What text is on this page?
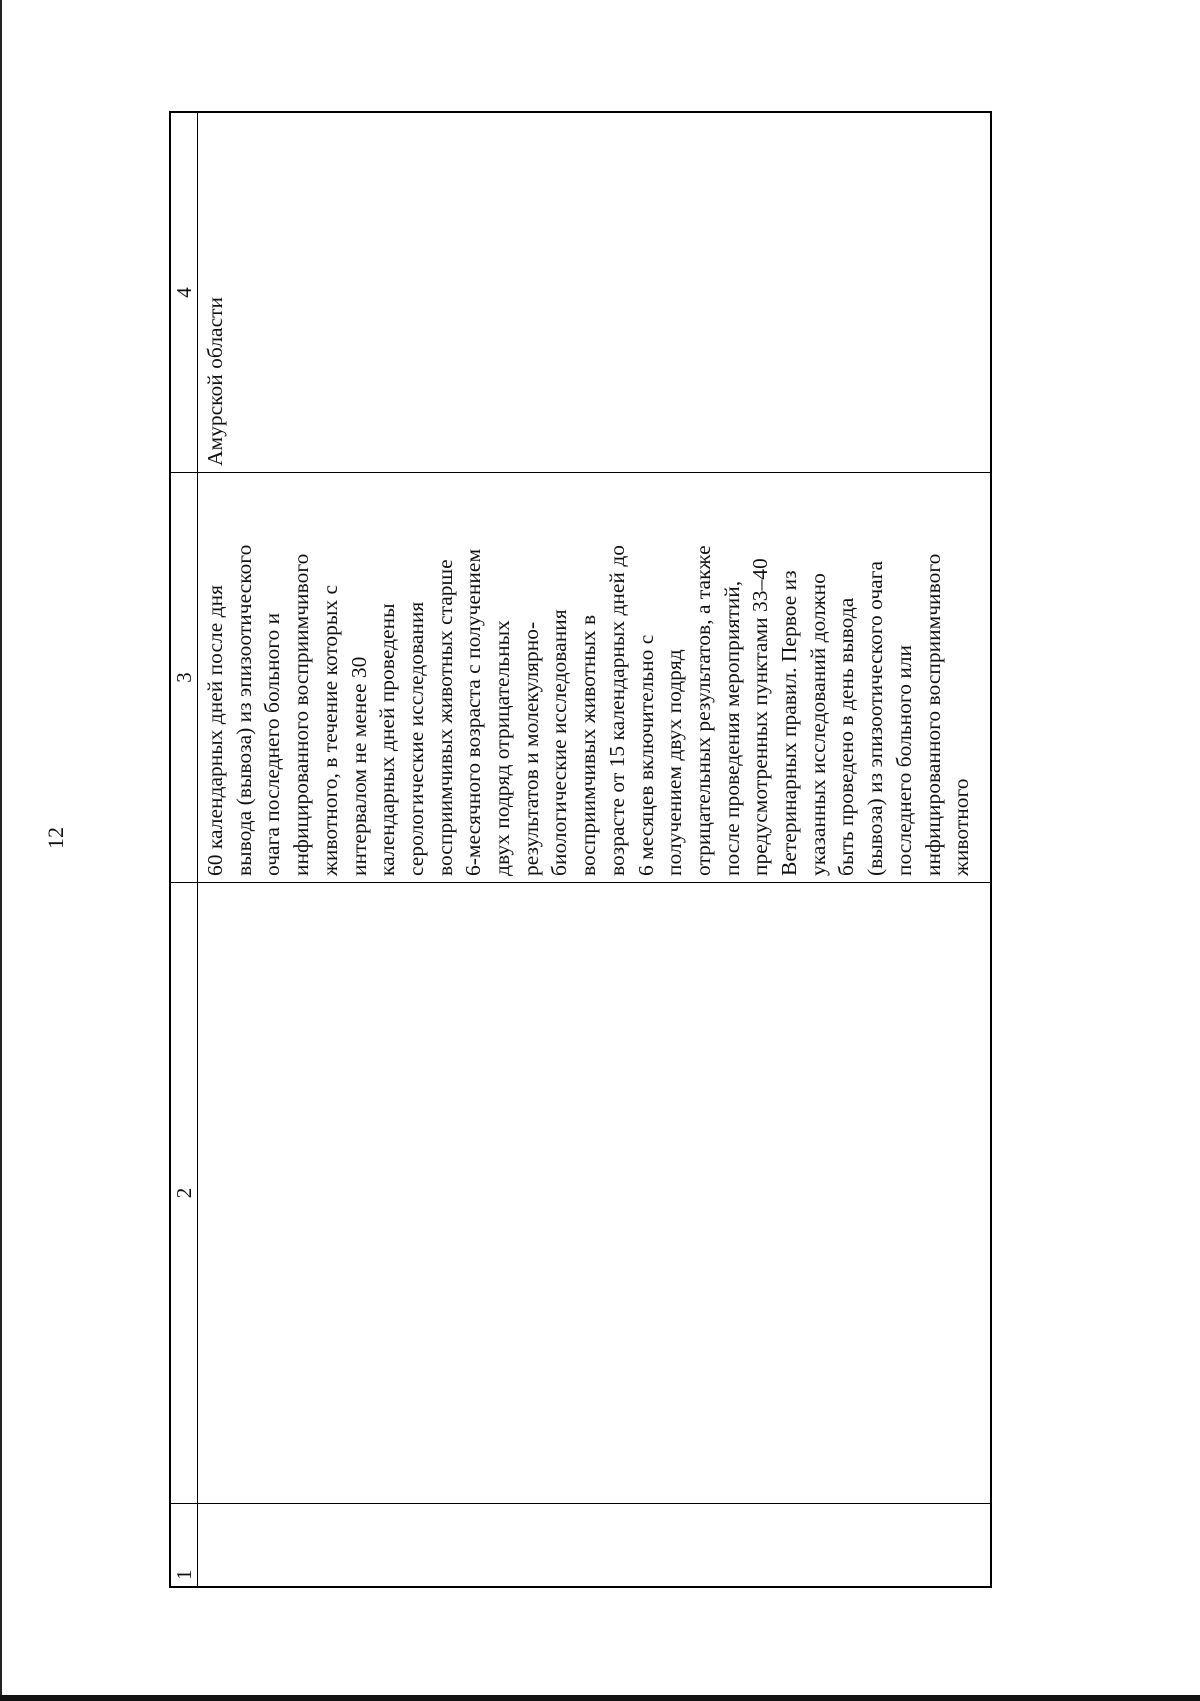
12
1
2
3
4
60 календарных дней после дня вывода (вывоза) из эпизоотического очага последнего больного и инфицированного восприимчивого животного, в течение которых с интервалом не менее 30 календарных дней проведены серологические исследования восприимчивых животных старше 6-месячного возраста с получением двух подряд отрицательных результатов и молекулярно- биологические исследования восприимчивых животных в возрасте от 15 календарных дней до 6 месяцев включительно с получением двух подряд отрицательных результатов, а также после проведения мероприятий, предусмотренных пунктами 33–40 Ветеринарных правил. Первое из указанных исследований должно быть проведено в день вывода (вывоза) из эпизоотического очага последнего больного или инфицированного восприимчивого животного
Амурской области
